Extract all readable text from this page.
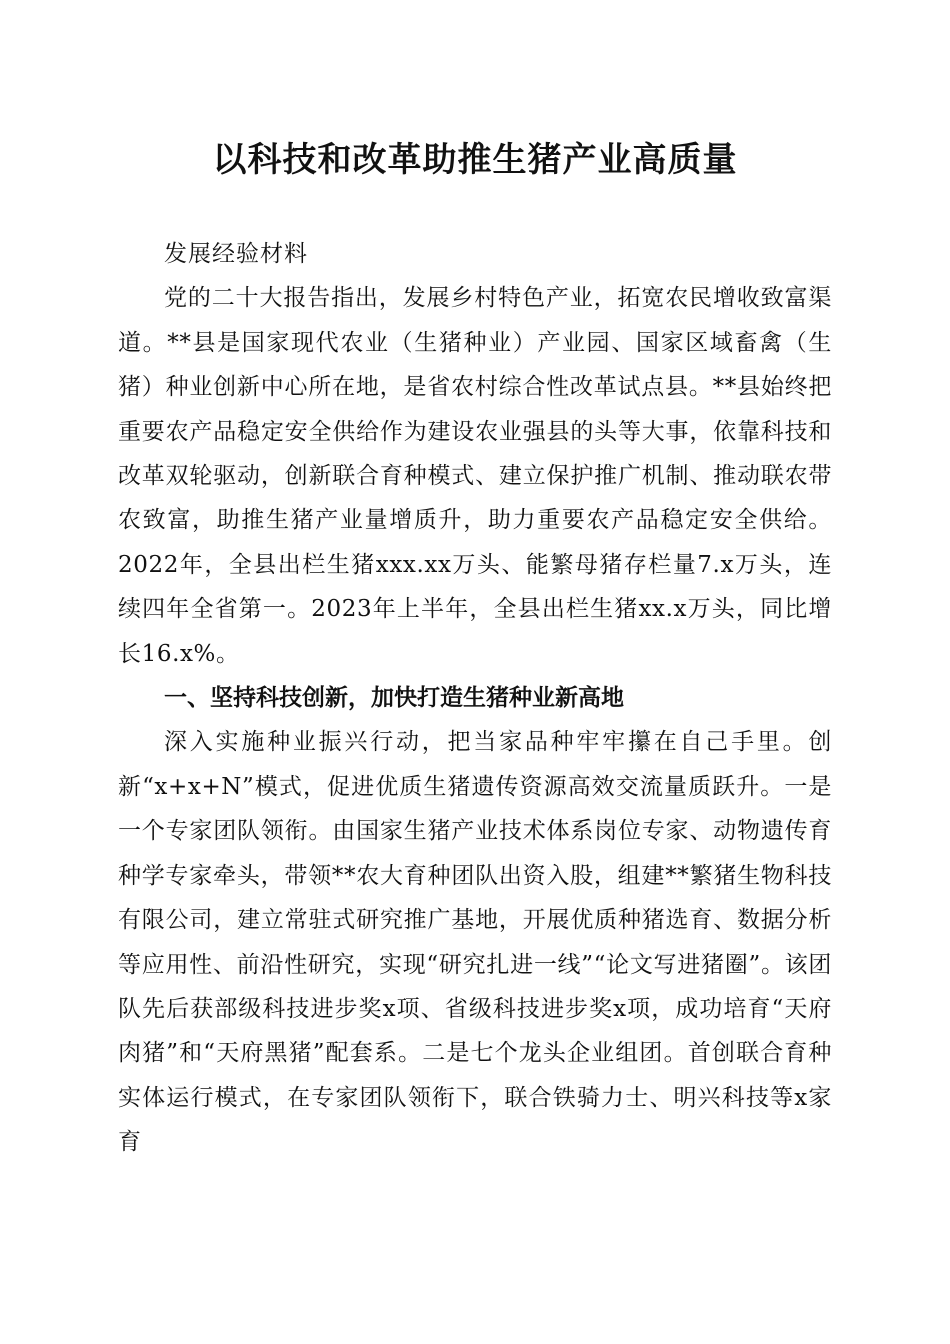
以科技和改革助推生猪产业高质量

发展经验材料

党的二十大报告指出，发展乡村特色产业，拓宽农民增收致富渠道。**县是国家现代农业（生猪种业）产业园、国家区域畜禽（生猪）种业创新中心所在地，是省农村综合性改革试点县。**县始终把重要农产品稳定安全供给作为建设农业强县的头等大事，依靠科技和改革双轮驱动，创新联合育种模式、建立保护推广机制、推动联农带农致富，助推生猪产业量增质升，助力重要农产品稳定安全供给。2022年，全县出栏生猪xxx.xx万头、能繁母猪存栏量7.x万头，连续四年全省第一。2023年上半年，全县出栏生猪xx.x万头，同比增长16.x%。

一、坚持科技创新，加快打造生猪种业新高地

深入实施种业振兴行动，把当家品种牢牢攥在自己手里。创新“x+x+N”模式，促进优质生猪遗传资源高效交流量质跃升。一是一个专家团队领衔。由国家生猪产业技术体系岗位专家、动物遗传育种学专家牵头，带领**农大育种团队出资入股，组建**繁猪生物科技有限公司，建立常驻式研究推广基地，开展优质种猪选育、数据分析等应用性、前沿性研究，实现“研究扎进一线”“论文写进猪圈”。该团队先后获部级科技进步奖x项、省级科技进步奖x项，成功培育“天府肉猪”和“天府黑猪”配套系。二是七个龙头企业组团。首创联合育种实体运行模式，在专家团队领衔下，联合铁骑力士、明兴科技等x家育
